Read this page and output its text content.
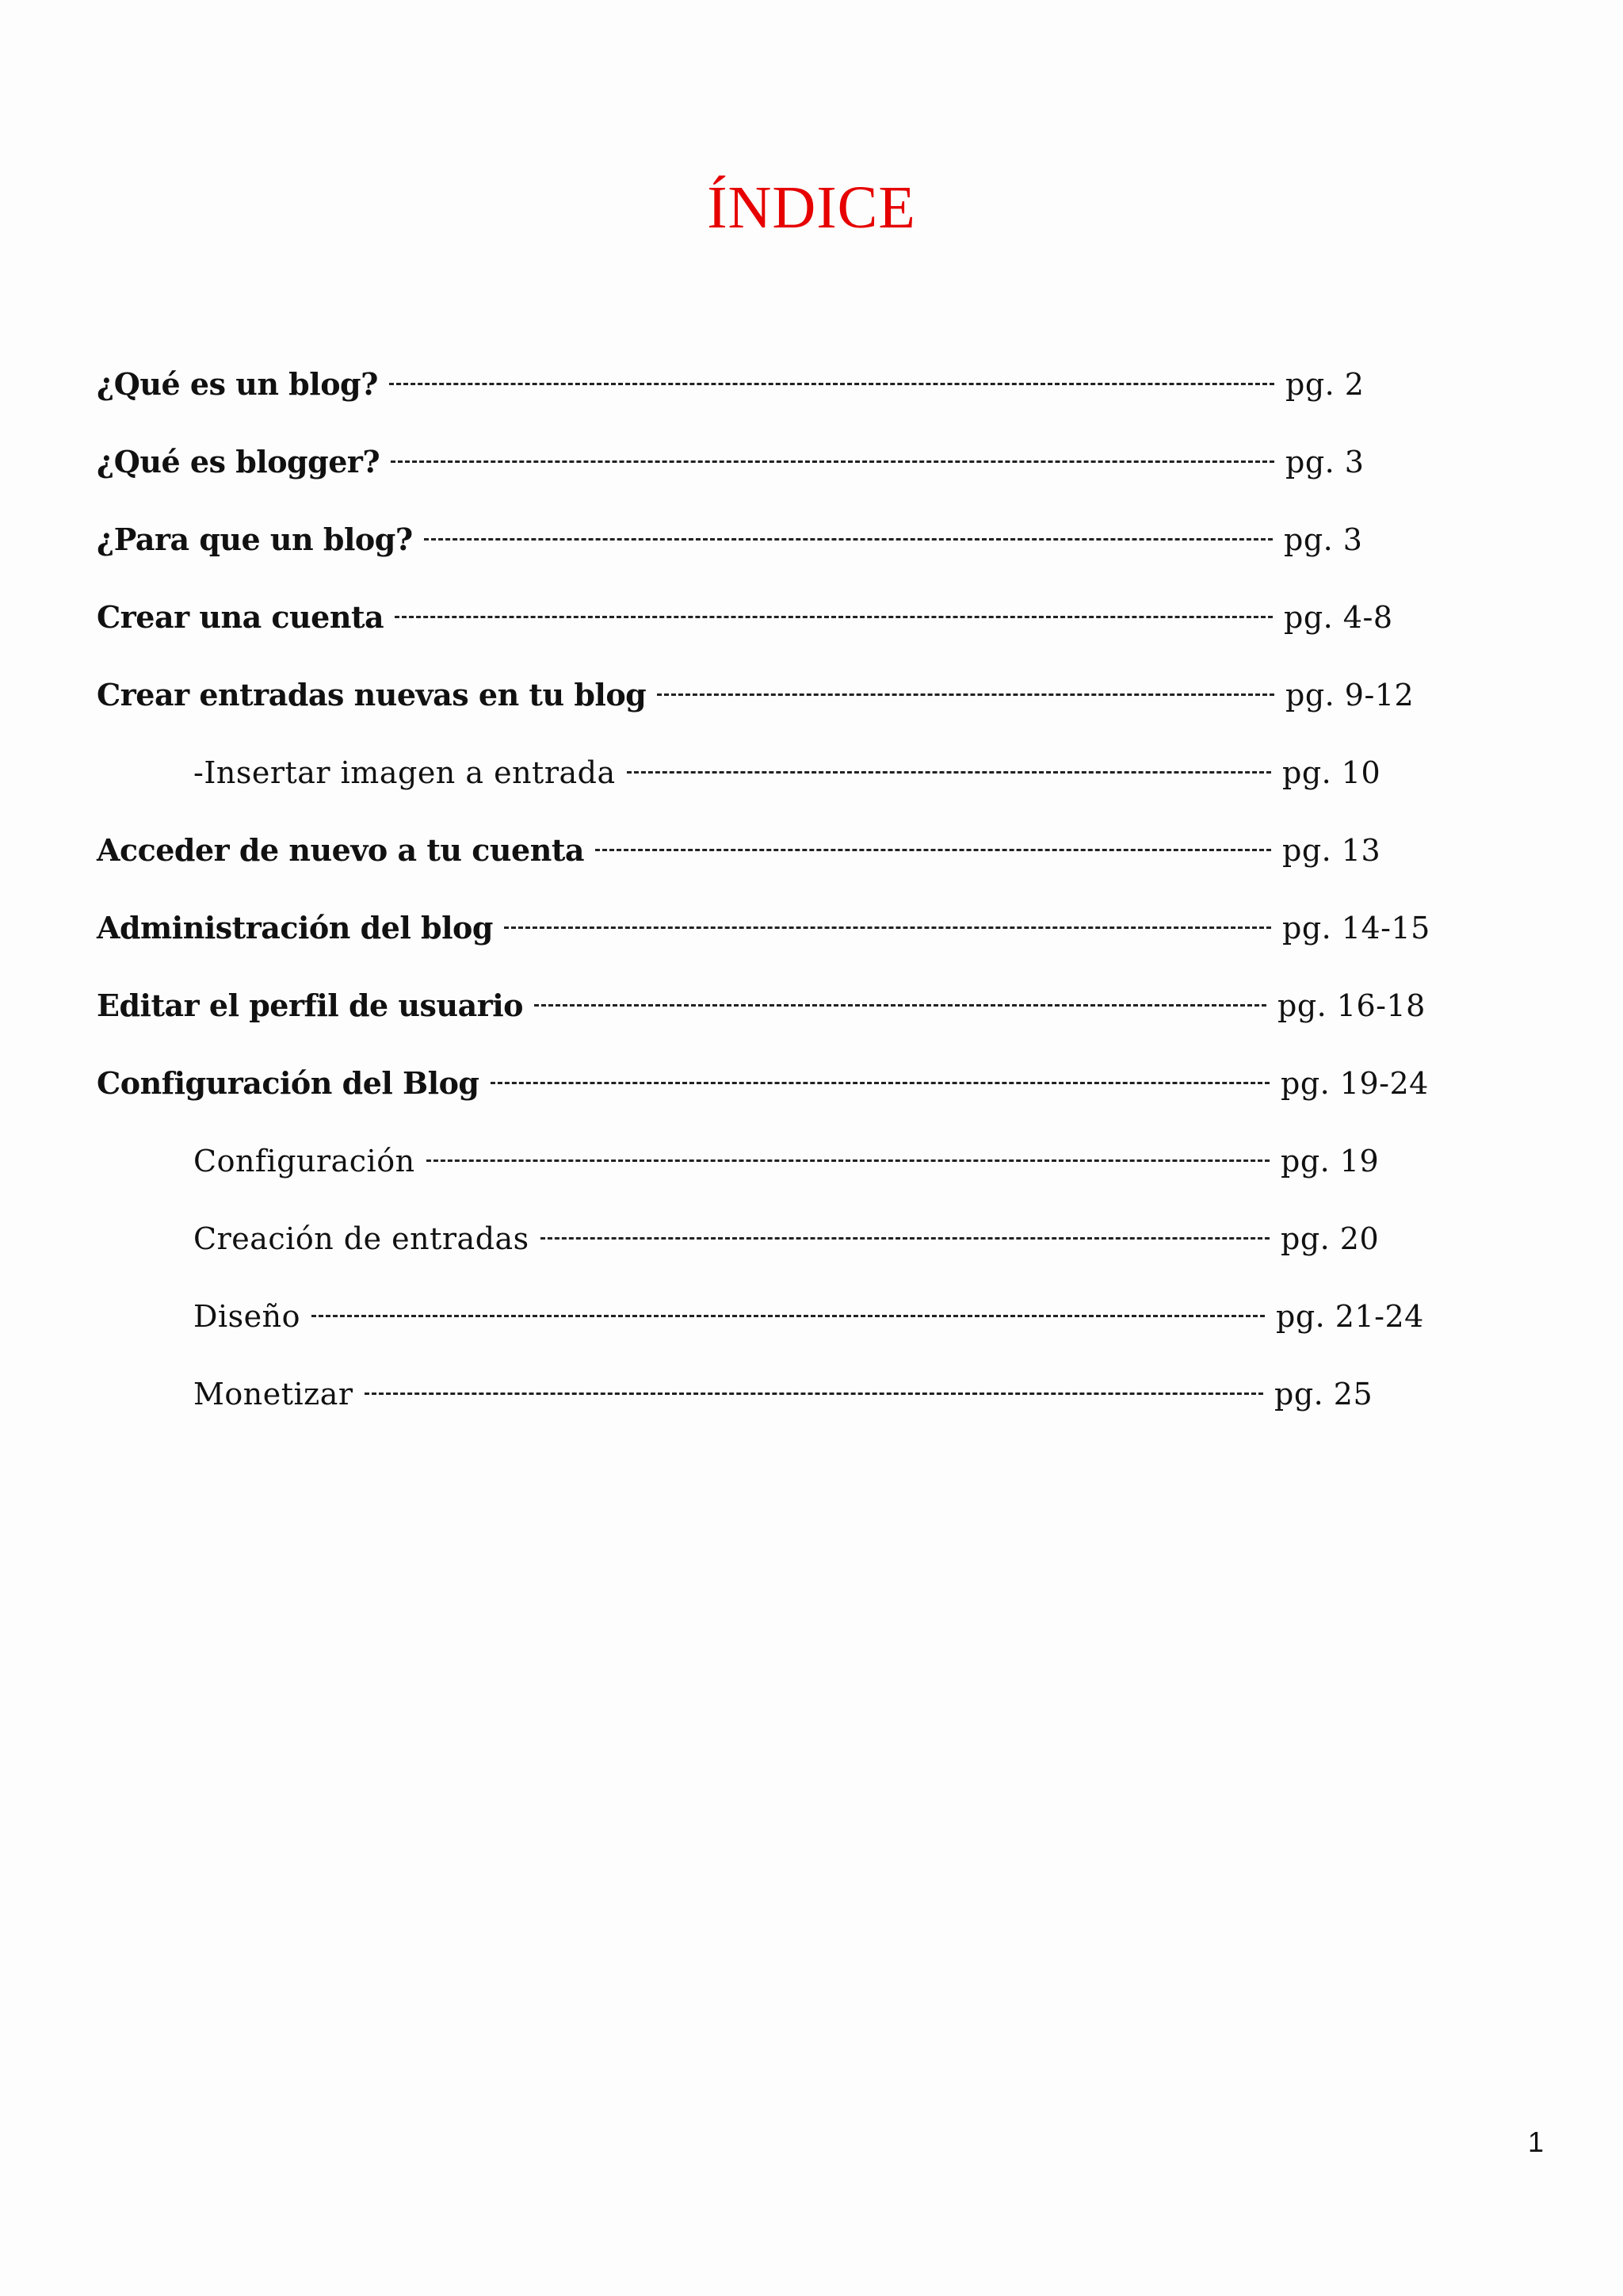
ÍNDICE
¿Qué es un blog?	pg. 2
¿Qué es blogger?	pg. 3
¿Para que un blog?	pg. 3
Crear una cuenta	pg. 4-8
Crear entradas nuevas en tu blog	pg. 9-12
-Insertar imagen a entrada	pg. 10
Acceder de nuevo a tu cuenta	pg. 13
Administración del blog	pg. 14-15
Editar el perfil de usuario	pg. 16-18
Configuración del Blog	pg. 19-24
Configuración	pg. 19
Creación de entradas	pg. 20
Diseño	pg. 21-24
Monetizar	pg. 25
1
